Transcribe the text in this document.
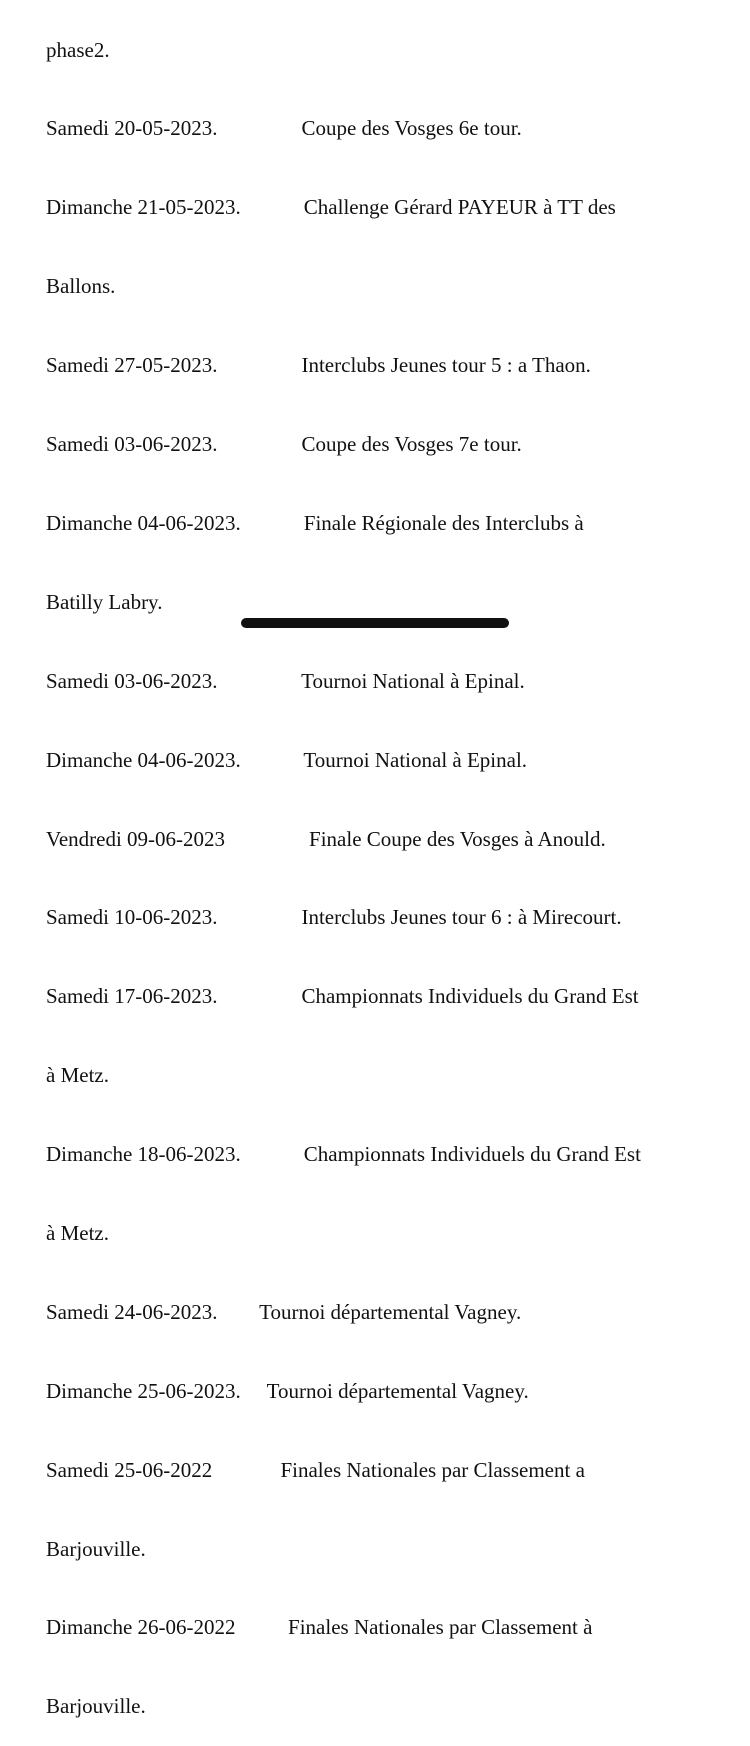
phase2.

Samedi 20-05-2023.                Coupe des Vosges 6e tour.

Dimanche 21-05-2023.            Challenge Gérard PAYEUR à TT des

Ballons.

Samedi 27-05-2023.                Interclubs Jeunes tour 5 : a Thaon.

Samedi 03-06-2023.                Coupe des Vosges 7e tour.

Dimanche 04-06-2023.            Finale Régionale des Interclubs à

Batilly Labry.

Samedi 03-06-2023.                Tournoi National à Epinal.

Dimanche 04-06-2023.            Tournoi National à Epinal.

Vendredi 09-06-2023                Finale Coupe des Vosges à Anould.

Samedi 10-06-2023.                Interclubs Jeunes tour 6 : à Mirecourt.

Samedi 17-06-2023.                Championnats Individuels du Grand Est

à Metz.

Dimanche 18-06-2023.            Championnats Individuels du Grand Est

à Metz.

Samedi 24-06-2023.        Tournoi départemental Vagney.

Dimanche 25-06-2023.     Tournoi départemental Vagney.

Samedi 25-06-2022             Finales Nationales par Classement a

Barjouville.

Dimanche 26-06-2022          Finales Nationales par Classement à

Barjouville.
